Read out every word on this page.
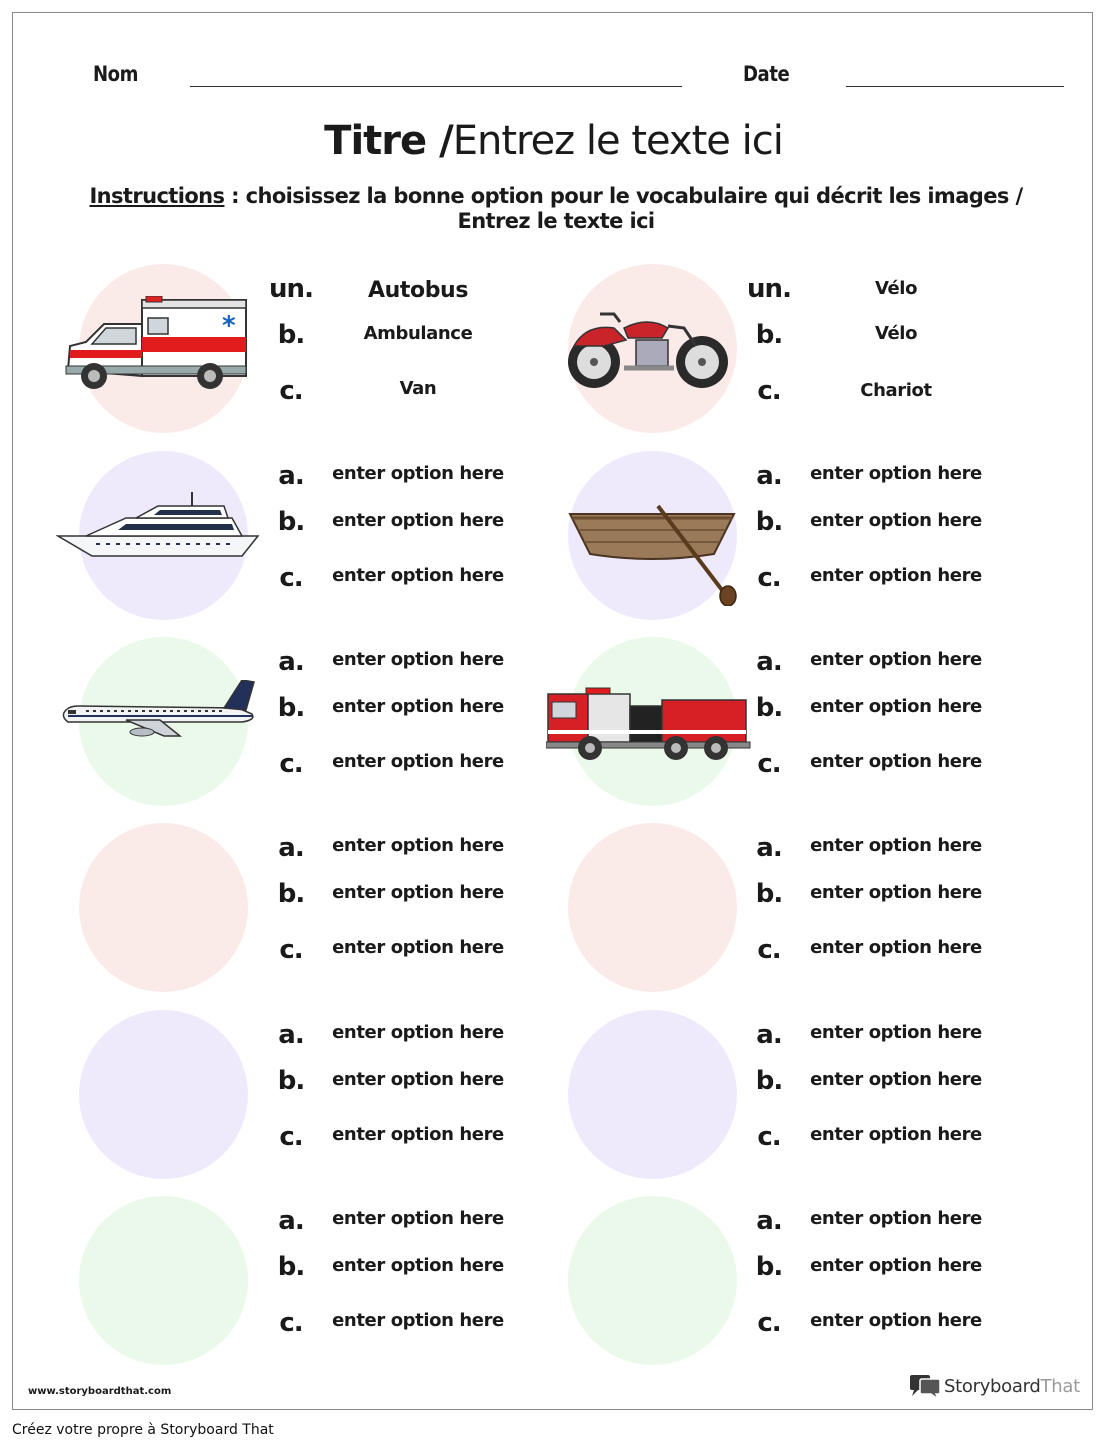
Nom	Date
Titre /Entrez le texte ici
Instructions : choisissez la bonne option pour le vocabulaire qui décrit les images / Entrez le texte ici
un.	Autobus
b.	Ambulance
c.	Van
un.	Vélo
b.	Vélo
c.	Chariot
a.	enter option here
b.	enter option here
c.	enter option here
a.	enter option here
b.	enter option here
c.	enter option here
a.	enter option here
b.	enter option here
c.	enter option here
a.	enter option here
b.	enter option here
c.	enter option here
a.	enter option here
b.	enter option here
c.	enter option here
a.	enter option here
b.	enter option here
c.	enter option here
a.	enter option here
b.	enter option here
c.	enter option here
a.	enter option here
b.	enter option here
c.	enter option here
a.	enter option here
b.	enter option here
c.	enter option here
a.	enter option here
b.	enter option here
c.	enter option here
*
www.storyboardthat.com	StoryboardThat
Créez votre propre à Storyboard That
